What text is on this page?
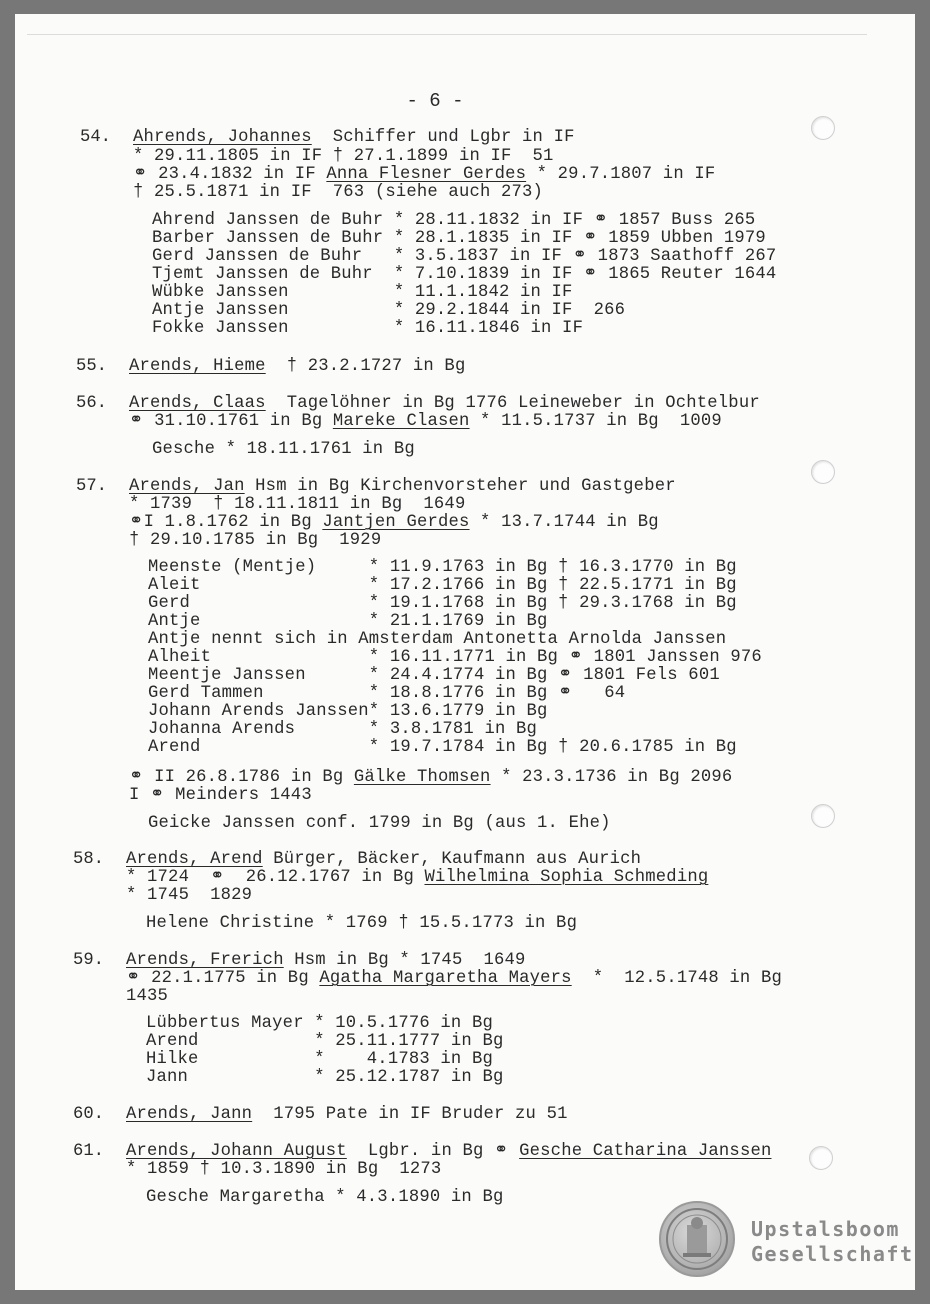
- 6 -
54. Ahrends, Johannes  Schiffer und Lgbr in IF
* 29.11.1805 in IF † 27.1.1899 in IF  51
⚭ 23.4.1832 in IF Anna Flesner Gerdes * 29.7.1807 in IF
† 25.5.1871 in IF  763 (siehe auch 273)
Ahrend Janssen de Buhr * 28.11.1832 in IF ⚭ 1857 Buss 265
Barber Janssen de Buhr * 28.1.1835 in IF ⚭ 1859 Ubben 1979
Gerd Janssen de Buhr   * 3.5.1837 in IF ⚭ 1873 Saathoff 267
Tjemt Janssen de Buhr  * 7.10.1839 in IF ⚭ 1865 Reuter 1644
Wübke Janssen          * 11.1.1842 in IF
Antje Janssen          * 29.2.1844 in IF  266
Fokke Janssen          * 16.11.1846 in IF
55. Arends, Hieme  † 23.2.1727 in Bg
56. Arends, Claas  Tagelöhner in Bg 1776 Leineweber in Ochtelbur
⚭ 31.10.1761 in Bg Mareke Clasen * 11.5.1737 in Bg  1009
Gesche * 18.11.1761 in Bg
57. Arends, Jan Hsm in Bg Kirchenvorsteher und Gastgeber
* 1739  † 18.11.1811 in Bg  1649
⚭I 1.8.1762 in Bg Jantjen Gerdes * 13.7.1744 in Bg
† 29.10.1785 in Bg  1929
Meenste (Mentje)     * 11.9.1763 in Bg † 16.3.1770 in Bg
Aleit                * 17.2.1766 in Bg † 22.5.1771 in Bg
Gerd                 * 19.1.1768 in Bg † 29.3.1768 in Bg
Antje                * 21.1.1769 in Bg
Antje nennt sich in Amsterdam Antonetta Arnolda Janssen
Alheit               * 16.11.1771 in Bg ⚭ 1801 Janssen 976
Meentje Janssen      * 24.4.1774 in Bg ⚭ 1801 Fels 601
Gerd Tammen          * 18.8.1776 in Bg ⚭   64
Johann Arends Janssen* 13.6.1779 in Bg
Johanna Arends       * 3.8.1781 in Bg
Arend                * 19.7.1784 in Bg † 20.6.1785 in Bg
⚭ II 26.8.1786 in Bg Gälke Thomsen * 23.3.1736 in Bg 2096
I ⚭ Meinders 1443
Geicke Janssen conf. 1799 in Bg (aus 1. Ehe)
58. Arends, Arend Bürger, Bäcker, Kaufmann aus Aurich
* 1724  ⚭  26.12.1767 in Bg Wilhelmina Sophia Schmeding
* 1745  1829
Helene Christine * 1769 † 15.5.1773 in Bg
59. Arends, Frerich Hsm in Bg * 1745  1649
⚭ 22.1.1775 in Bg Agatha Margaretha Mayers  *  12.5.1748 in Bg
1435
Lübbertus Mayer * 10.5.1776 in Bg
Arend           * 25.11.1777 in Bg
Hilke           *    4.1783 in Bg
Jann            * 25.12.1787 in Bg
60. Arends, Jann  1795 Pate in IF Bruder zu 51
61. Arends, Johann August  Lgbr. in Bg ⚭ Gesche Catharina Janssen
* 1859 † 10.3.1890 in Bg  1273
Gesche Margaretha * 4.3.1890 in Bg
Upstalsboom
Gesellschaft
